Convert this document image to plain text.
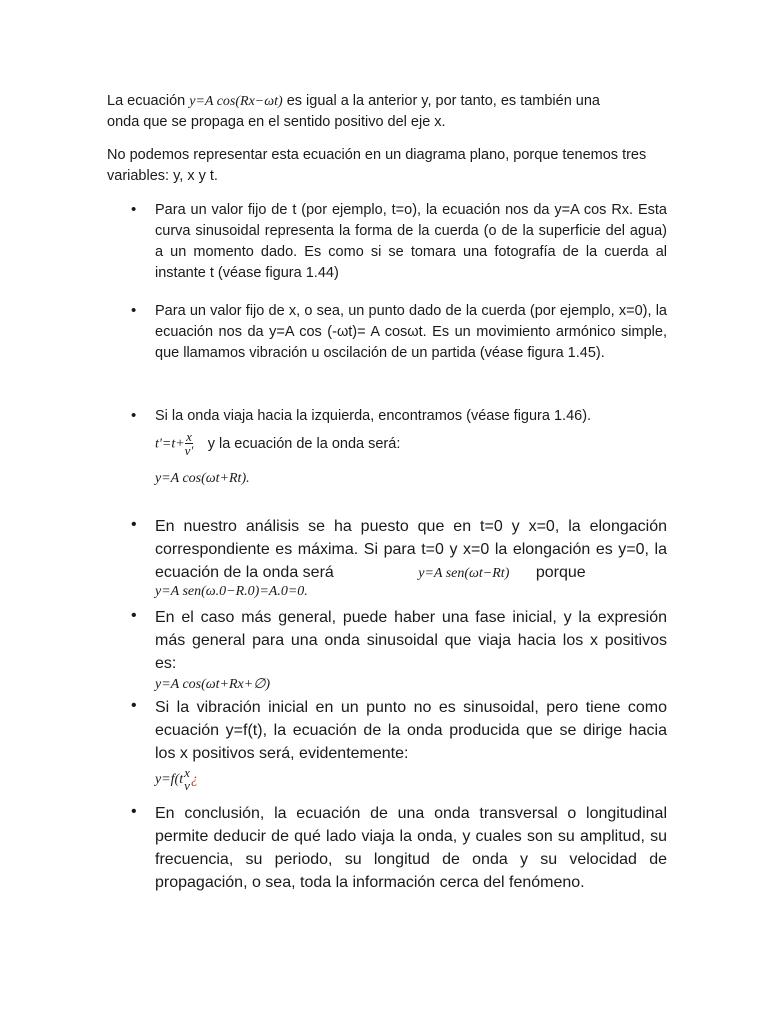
La ecuación y=A cos(Rx−ωt) es igual a la anterior y, por tanto, es también una
onda que se propaga en el sentido positivo del eje x.
No podemos representar esta ecuación en un diagrama plano, porque tenemos tres
variables: y, x y t.
• Para un valor fijo de t (por ejemplo, t=o), la ecuación nos da y=A cos Rx. Esta curva sinusoidal representa la forma de la cuerda (o de la superficie del agua) a un momento dado. Es como si se tomara una fotografía de la cuerda al instante t (véase figura 1.44)
• Para un valor fijo de x, o sea, un punto dado de la cuerda (por ejemplo, x=0), la ecuación nos da y=A cos (-ωt)= A cosωt. Es un movimiento armónico simple, que llamamos vibración u oscilación de un partida (véase figura 1.45).
• Si la onda viaja hacia la izquierda, encontramos (véase figura 1.46).
$t'=t+ \frac{x}{v'}$ y la ecuación de la onda será:
y=A cos(ωt+Rt).
• En nuestro análisis se ha puesto que en t=0 y x=0, la elongación correspondiente es máxima. Si para t=0 y x=0 la elongación es y=0, la ecuación de la onda será	y=A sen(ωt−Rt) porque
y=A sen(ω.0−R.0)=A.0=0.
• En el caso más general, puede haber una fase inicial, y la expresión más general para una onda sinusoidal que viaja hacia los x positivos es:
y=A cos(ωt+Rx+∅)
• Si la vibración inicial en un punto no es sinusoidal, pero tiene como ecuación y=f(t), la ecuación de la onda producida que se dirige hacia los x positivos será, evidentemente:
y=f(t x
v ¿
• En conclusión, la ecuación de una onda transversal o longitudinal permite deducir de qué lado viaja la onda, y cuales son su amplitud, su frecuencia, su periodo, su longitud de onda y su velocidad de propagación, o sea, toda la información cerca del fenómeno.
